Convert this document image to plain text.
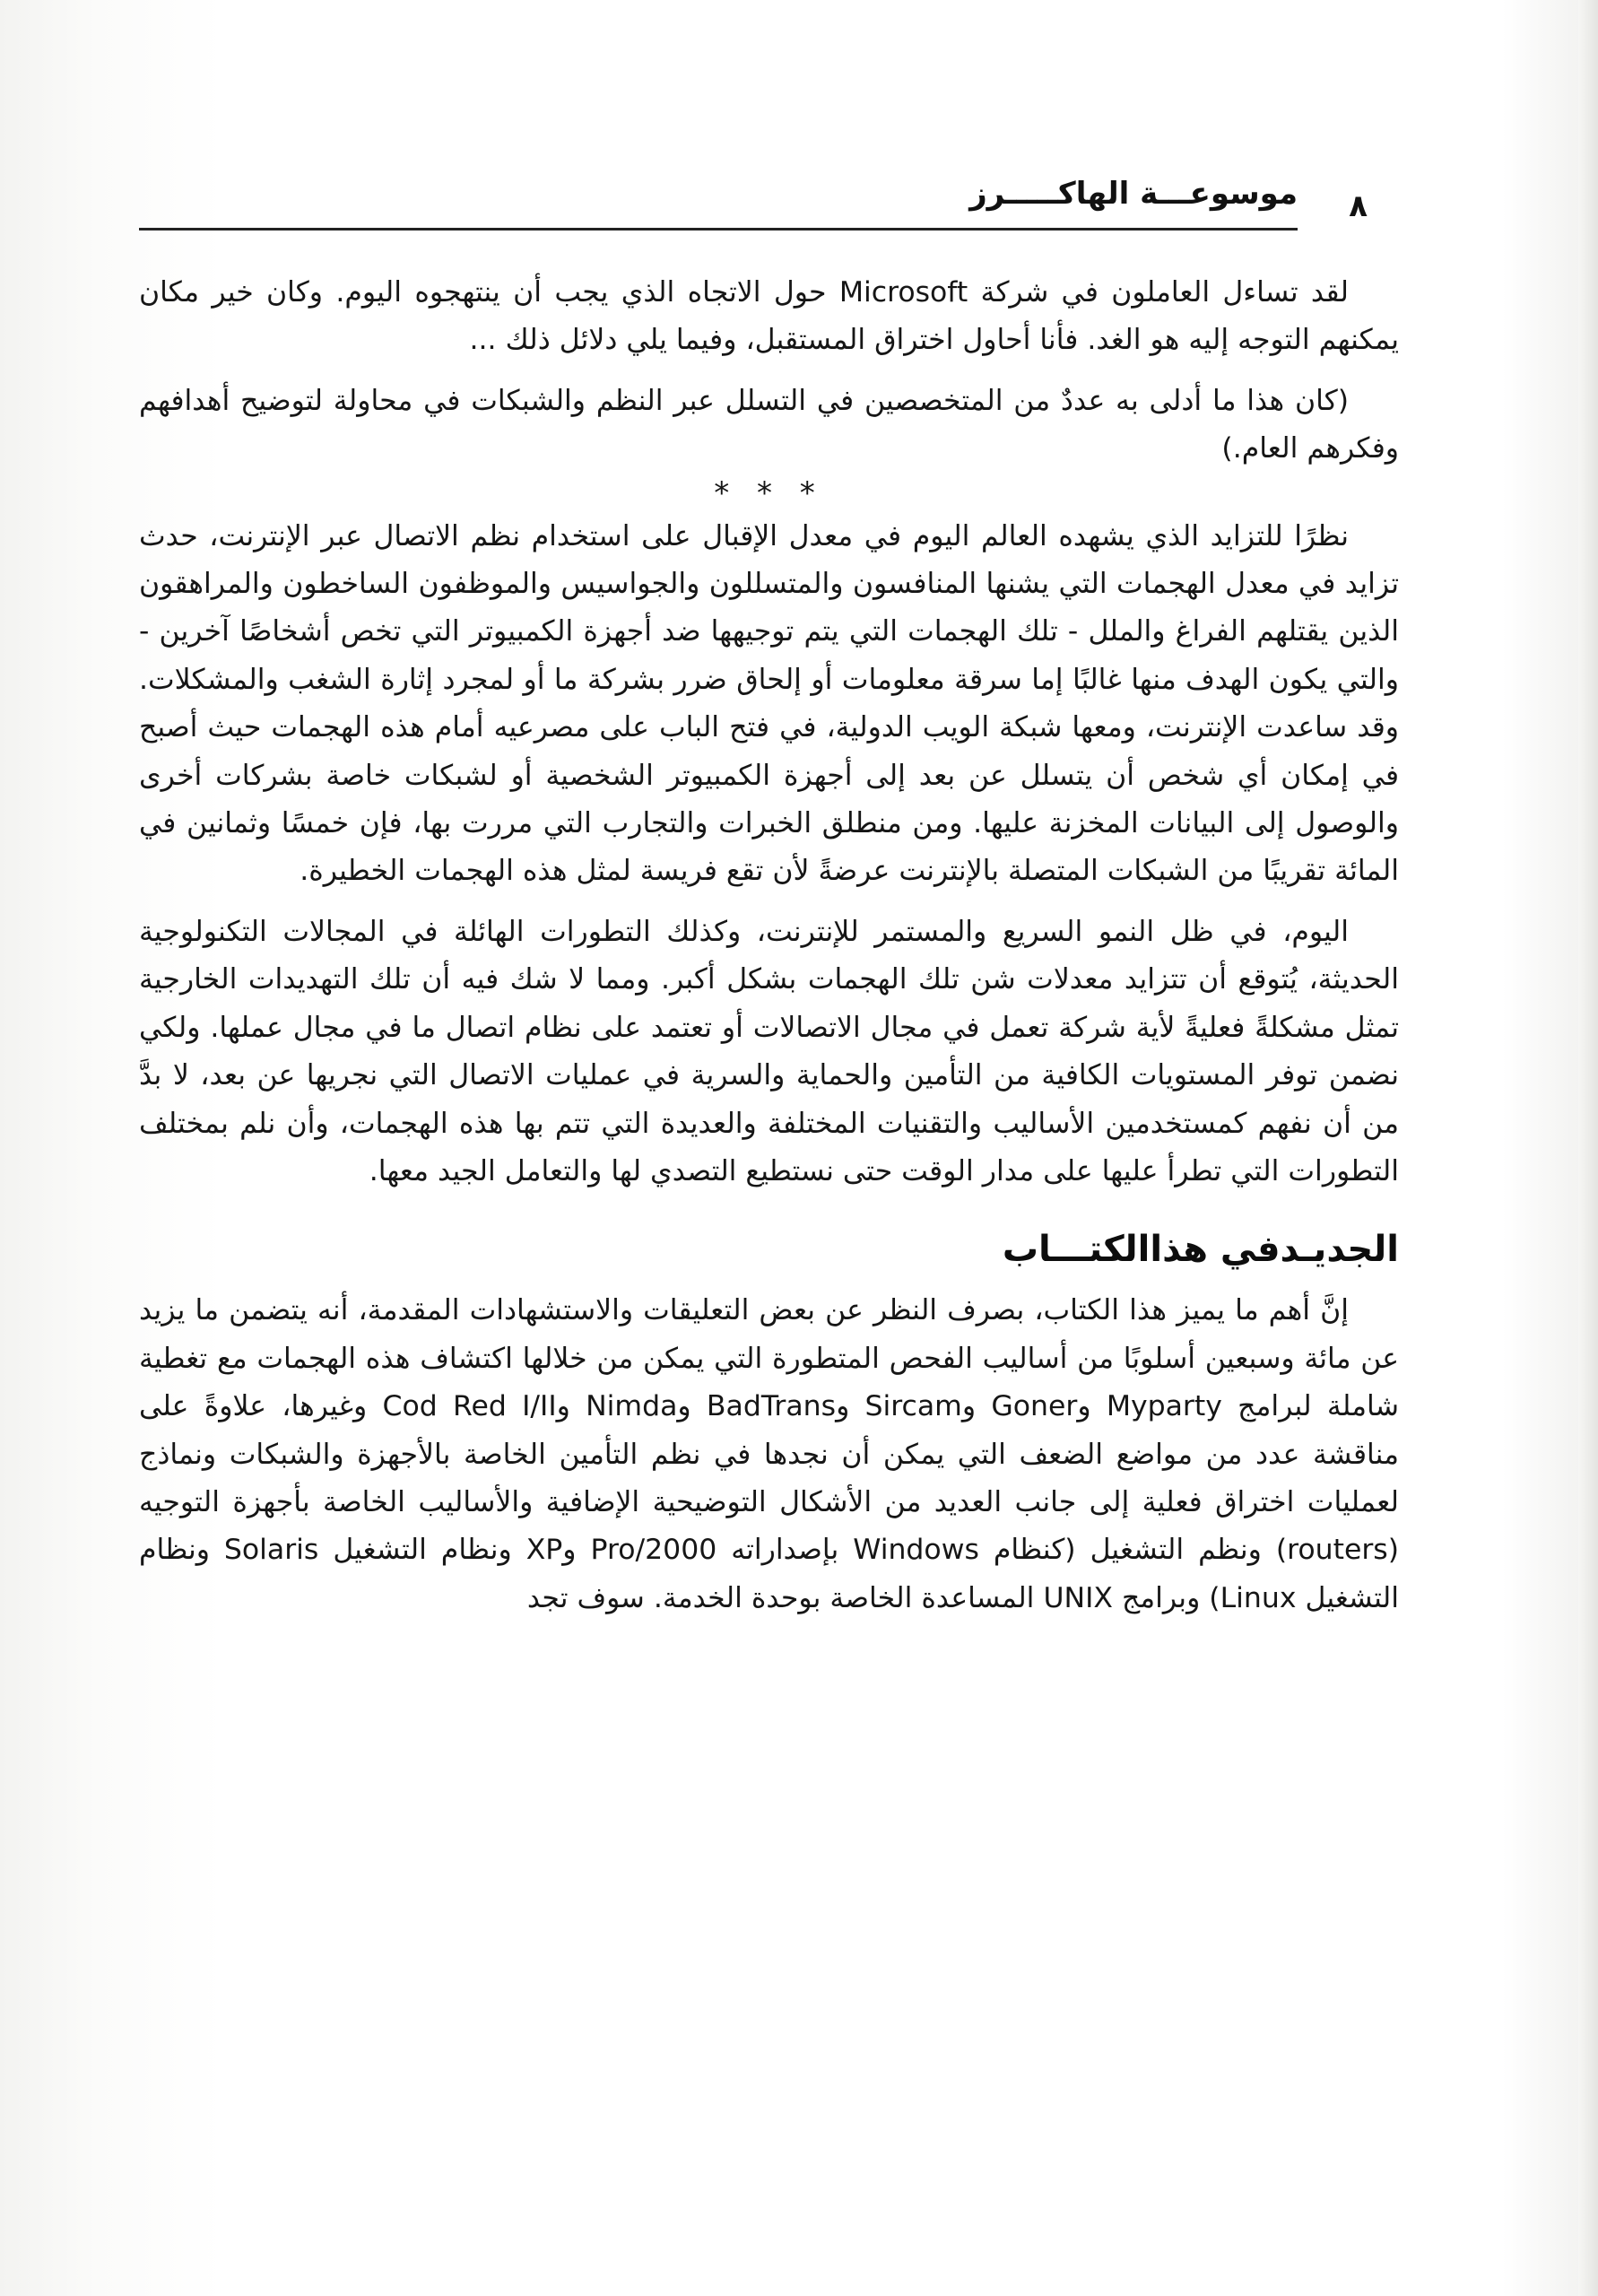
٨
موسوعـــة الهاكـــــرز

لقد تساءل العاملون في شركة Microsoft حول الاتجاه الذي يجب أن ينتهجوه اليوم. وكان خير مكان يمكنهم التوجه إليه هو الغد. فأنا أحاول اختراق المستقبل، وفيما يلي دلائل ذلك ...

(كان هذا ما أدلى به عددٌ من المتخصصين في التسلل عبر النظم والشبكات في محاولة لتوضيح أهدافهم وفكرهم العام.)

* * *

نظرًا للتزايد الذي يشهده العالم اليوم في معدل الإقبال على استخدام نظم الاتصال عبر الإنترنت، حدث تزايد في معدل الهجمات التي يشنها المنافسون والمتسللون والجواسيس والموظفون الساخطون والمراهقون الذين يقتلهم الفراغ والملل - تلك الهجمات التي يتم توجيهها ضد أجهزة الكمبيوتر التي تخص أشخاصًا آخرين - والتي يكون الهدف منها غالبًا إما سرقة معلومات أو إلحاق ضرر بشركة ما أو لمجرد إثارة الشغب والمشكلات. وقد ساعدت الإنترنت، ومعها شبكة الويب الدولية، في فتح الباب على مصرعيه أمام هذه الهجمات حيث أصبح في إمكان أي شخص أن يتسلل عن بعد إلى أجهزة الكمبيوتر الشخصية أو لشبكات خاصة بشركات أخرى والوصول إلى البيانات المخزنة عليها. ومن منطلق الخبرات والتجارب التي مررت بها، فإن خمسًا وثمانين في المائة تقريبًا من الشبكات المتصلة بالإنترنت عرضةً لأن تقع فريسة لمثل هذه الهجمات الخطيرة.

اليوم، في ظل النمو السريع والمستمر للإنترنت، وكذلك التطورات الهائلة في المجالات التكنولوجية الحديثة، يُتوقع أن تتزايد معدلات شن تلك الهجمات بشكل أكبر. ومما لا شك فيه أن تلك التهديدات الخارجية تمثل مشكلةً فعليةً لأية شركة تعمل في مجال الاتصالات أو تعتمد على نظام اتصال ما في مجال عملها. ولكي نضمن توفر المستويات الكافية من التأمين والحماية والسرية في عمليات الاتصال التي نجريها عن بعد، لا بدَّ من أن نفهم كمستخدمين الأساليب والتقنيات المختلفة والعديدة التي تتم بها هذه الهجمات، وأن نلم بمختلف التطورات التي تطرأ عليها على مدار الوقت حتى نستطيع التصدي لها والتعامل الجيد معها.

الجديـدفي هذاالكتـــاب

إنَّ أهم ما يميز هذا الكتاب، بصرف النظر عن بعض التعليقات والاستشهادات المقدمة، أنه يتضمن ما يزيد عن مائة وسبعين أسلوبًا من أساليب الفحص المتطورة التي يمكن من خلالها اكتشاف هذه الهجمات مع تغطية شاملة لبرامج Myparty وGoner وSircam وBadTrans وNimda وCod Red I/II وغيرها، علاوةً على مناقشة عدد من مواضع الضعف التي يمكن أن نجدها في نظم التأمين الخاصة بالأجهزة والشبكات ونماذج لعمليات اختراق فعلية إلى جانب العديد من الأشكال التوضيحية الإضافية والأساليب الخاصة بأجهزة التوجيه (routers) ونظم التشغيل (كنظام Windows بإصداراته 2000/Pro وXP ونظام التشغيل Solaris ونظام التشغيل Linux) وبرامج UNIX المساعدة الخاصة بوحدة الخدمة. سوف تجد
